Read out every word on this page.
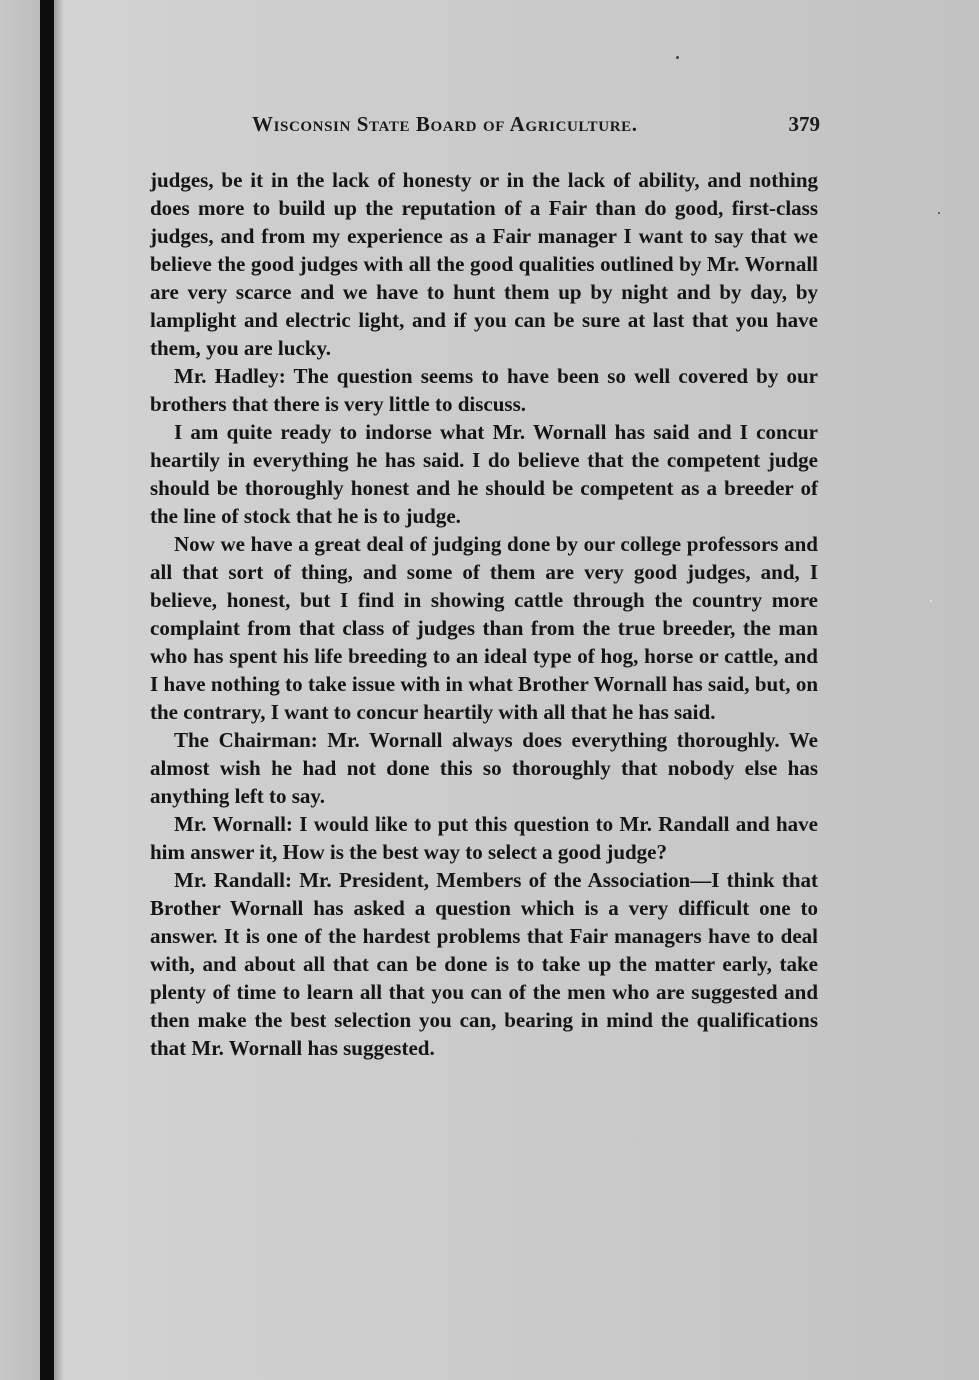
Wisconsin State Board of Agriculture.	379

judges, be it in the lack of honesty or in the lack of ability, and nothing does more to build up the reputation of a Fair than do good, first-class judges, and from my experience as a Fair manager I want to say that we believe the good judges with all the good qualities outlined by Mr. Wornall are very scarce and we have to hunt them up by night and by day, by lamplight and electric light, and if you can be sure at last that you have them, you are lucky.

Mr. Hadley: The question seems to have been so well covered by our brothers that there is very little to discuss.

I am quite ready to indorse what Mr. Wornall has said and I concur heartily in everything he has said. I do believe that the competent judge should be thoroughly honest and he should be competent as a breeder of the line of stock that he is to judge.

Now we have a great deal of judging done by our college professors and all that sort of thing, and some of them are very good judges, and, I believe, honest, but I find in showing cattle through the country more complaint from that class of judges than from the true breeder, the man who has spent his life breeding to an ideal type of hog, horse or cattle, and I have nothing to take issue with in what Brother Wornall has said, but, on the contrary, I want to concur heartily with all that he has said.

The Chairman: Mr. Wornall always does everything thoroughly. We almost wish he had not done this so thoroughly that nobody else has anything left to say.

Mr. Wornall: I would like to put this question to Mr. Randall and have him answer it, How is the best way to select a good judge?

Mr. Randall: Mr. President, Members of the Association—I think that Brother Wornall has asked a question which is a very difficult one to answer. It is one of the hardest problems that Fair managers have to deal with, and about all that can be done is to take up the matter early, take plenty of time to learn all that you can of the men who are suggested and then make the best selection you can, bearing in mind the qualifications that Mr. Wornall has suggested.
